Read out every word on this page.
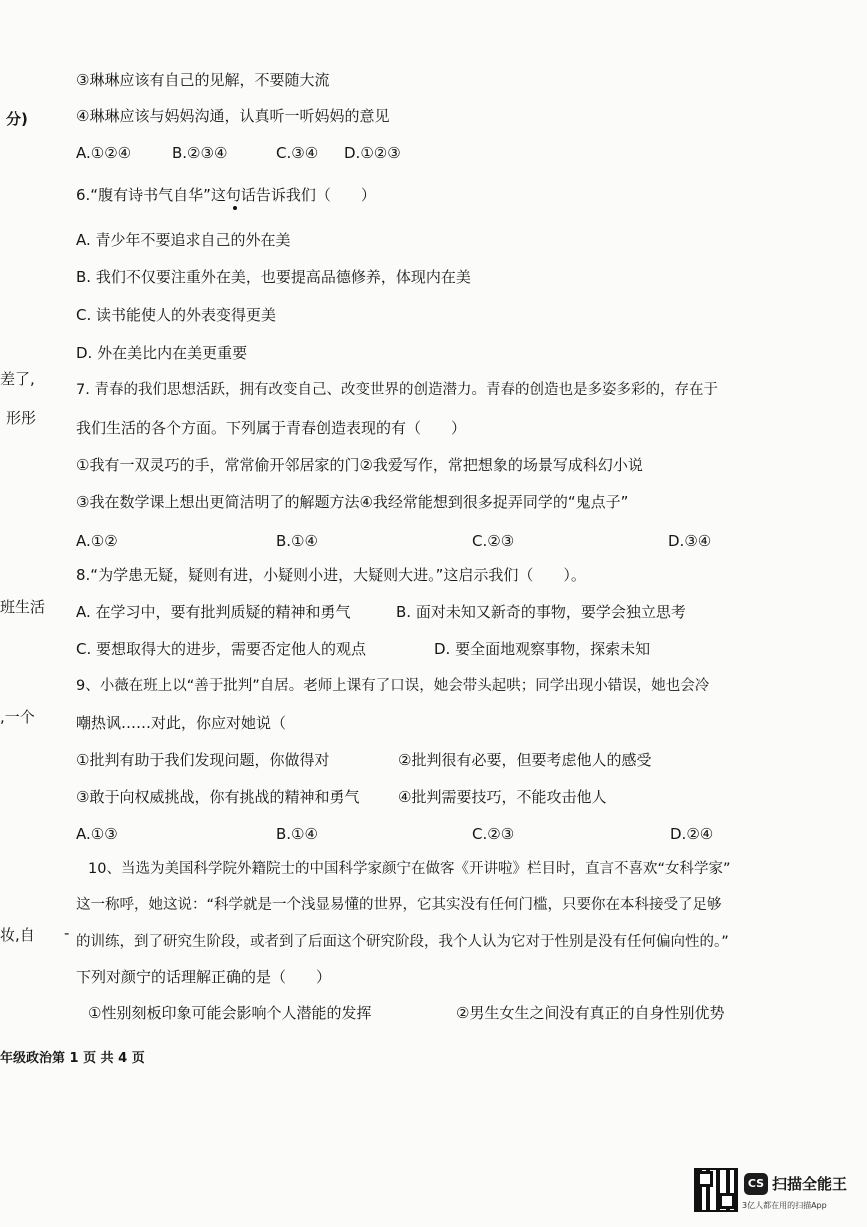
分)
差了,
形彤
班生活
,一个
妆,自 -
③琳琳应该有自己的见解，不要随大流
④琳琳应该与妈妈沟通，认真听一听妈妈的意见
A.①②④	B.②③④	C.③④ D.①②③
6.“腹有诗书气自华”这句话告诉我们（　　）
A. 青少年不要追求自己的外在美
B. 我们不仅要注重外在美，也要提高品德修养，体现内在美
C. 读书能使人的外表变得更美
D. 外在美比内在美更重要
7. 青春的我们思想活跃，拥有改变自己、改变世界的创造潜力。青春的创造也是多姿多彩的，存在于
我们生活的各个方面。下列属于青春创造表现的有（　　）
①我有一双灵巧的手，常常偷开邻居家的门②我爱写作，常把想象的场景写成科幻小说
③我在数学课上想出更简洁明了的解题方法④我经常能想到很多捉弄同学的“鬼点子”
A.①②	B.①④	C.②③	D.③④
8.“为学患无疑，疑则有进，小疑则小进，大疑则大进。”这启示我们（　　）。
A. 在学习中，要有批判质疑的精神和勇气	B. 面对未知又新奇的事物，要学会独立思考
C. 要想取得大的进步，需要否定他人的观点	D. 要全面地观察事物，探索未知
9、小薇在班上以“善于批判”自居。老师上课有了口误，她会带头起哄；同学出现小错误，她也会冷
嘲热讽……对此，你应对她说（
①批判有助于我们发现问题，你做得对	②批判很有必要，但要考虑他人的感受
③敢于向权威挑战，你有挑战的精神和勇气	④批判需要技巧，不能攻击他人
A.①③	B.①④	C.②③	D.②④
10、当选为美国科学院外籍院士的中国科学家颜宁在做客《开讲啦》栏目时，直言不喜欢“女科学家”
这一称呼，她这说：“科学就是一个浅显易懂的世界，它其实没有任何门槛，只要你在本科接受了足够
的训练，到了研究生阶段，或者到了后面这个研究阶段，我个人认为它对于性别是没有任何偏向性的。”
下列对颜宁的话理解正确的是（　　）
①性别刻板印象可能会影响个人潜能的发挥	②男生女生之间没有真正的自身性别优势
年级政治第 1 页 共 4 页
CS 扫描全能王
3亿人都在用的扫描App
